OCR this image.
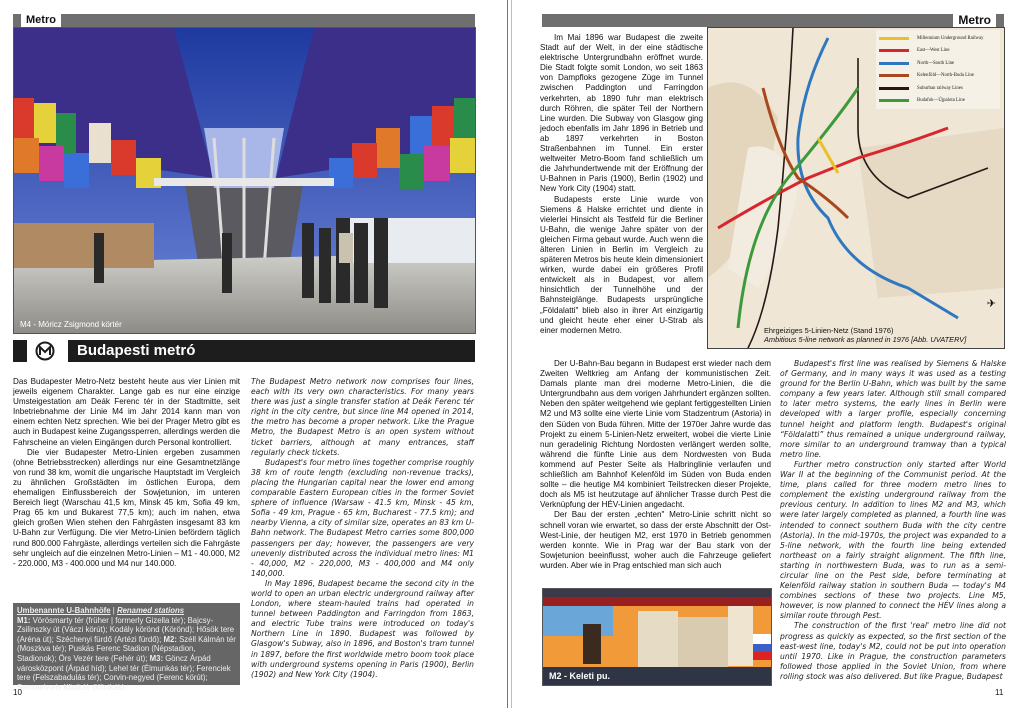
Metro
M4 - Móricz Zsigmond körtér
Budapesti metró

Das Budapester Metro-Netz besteht heute aus vier Linien mit jeweils eigenem Charakter. Lange gab es nur eine einzige Umsteigestation am Deák Ferenc tér in der Stadtmitte, seit Inbetriebnahme der Linie M4 im Jahr 2014 kann man von einem echten Netz sprechen. Wie bei der Prager Metro gibt es auch in Budapest keine Zugangssperren, allerdings werden die Fahrscheine an vielen Eingängen durch Personal kontrolliert.

Die vier Budapester Metro-Linien ergeben zusammen (ohne Betriebsstrecken) allerdings nur eine Gesamtnetzlänge von rund 38 km, womit die ungarische Hauptstadt im Vergleich zu ähnlichen Großstädten im östlichen Europa, dem ehemaligen Einflussbereich der Sowjetunion, im unteren Bereich liegt (Warschau 41,5 km, Minsk 45 km, Sofia 49 km, Prag 65 km und Bukarest 77,5 km); auch im nahen, etwa gleich großen Wien stehen den Fahrgästen insgesamt 83 km U-Bahn zur Verfügung. Die vier Metro-Linien befördern täglich rund 800.000 Fahrgäste, allerdings verteilen sich die Fahrgäste sehr ungleich auf die einzelnen Metro-Linien – M1 - 40.000, M2 - 220.000, M3 - 400.000 und M4 nur 140.000.

The Budapest Metro network now comprises four lines, each with its very own characteristics. For many years there was just a single transfer station at Deák Ferenc tér right in the city centre, but since line M4 opened in 2014, the metro has become a proper network. Like the Prague Metro, the Budapest Metro is an open system without ticket barriers, although at many entrances, staff regularly check tickets.

Budapest's four metro lines together comprise roughly 38 km of route length (excluding non-revenue tracks), placing the Hungarian capital near the lower end among comparable Eastern European cities in the former Soviet sphere of influence (Warsaw - 41.5 km, Minsk - 45 km, Sofia - 49 km, Prague - 65 km, Bucharest - 77.5 km); and nearby Vienna, a city of similar size, operates an 83 km U-Bahn network. The Budapest Metro carries some 800,000 passengers per day; however, the passengers are very unevenly distributed across the individual metro lines: M1 - 40,000, M2 - 220,000, M3 - 400,000 and M4 only 140,000.

In May 1896, Budapest became the second city in the world to open an urban electric underground railway after London, where steam-hauled trains had operated in tunnel between Paddington and Farringdon from 1863, and electric Tube trains were introduced on today's Northern Line in 1890. Budapest was followed by Glasgow's Subway, also in 1896, and Boston's tram tunnel in 1897, before the first worldwide metro boom took place with underground systems opening in Paris (1900), Berlin (1902) and New York City (1904).

Umbenannte U-Bahnhöfe | Renamed stations
M1: Vörösmarty tér (früher | formerly Gizella tér); Bajcsy-Zsilinszky út (Váczi körút); Kodály körönd (Körönd); Hősök tere (Aréna út); Széchenyi fürdő (Artézi fürdő); M2: Széll Kálmán tér (Moszkva tér); Puskás Ferenc Stadion (Népstadion, Stadionok); Örs Vezér tere (Fehér út); M3: Göncz Árpád városközpont (Árpád híd); Lehel tér (Élmunkás tér); Ferenciek tere (Felszabadulás tér); Corvin-negyed (Ferenc körút); Semmelweis Klinikák (Klinikák)
10
Metro

Im Mai 1896 war Budapest die zweite Stadt auf der Welt, in der eine städtische elektrische Untergrundbahn eröffnet wurde. Die Stadt folgte somit London, wo seit 1863 von Dampfloks gezogene Züge im Tunnel zwischen Paddington und Farringdon verkehrten, ab 1890 fuhr man elektrisch durch Röhren, die später Teil der Northern Line wurden. Die Subway von Glasgow ging jedoch ebenfalls im Jahr 1896 in Betrieb und ab 1897 verkehrten in Boston Straßenbahnen im Tunnel. Ein erster weltweiter Metro-Boom fand schließlich um die Jahrhundertwende mit der Eröffnung der U-Bahnen in Paris (1900), Berlin (1902) und New York City (1904) statt.

Budapests erste Linie wurde von Siemens & Halske errichtet und diente in vielerlei Hinsicht als Testfeld für die Berliner U-Bahn, die wenige Jahre später von der gleichen Firma gebaut wurde. Auch wenn die älteren Linien in Berlin im Vergleich zu späteren Metros bis heute klein dimensioniert wirken, wurde dabei ein größeres Profil entwickelt als in Budapest, vor allem hinsichtlich der Tunnelhöhe und der Bahnsteiglänge. Budapests ursprüngliche „Földalatti" blieb also in ihrer Art einzigartig und gleicht heute eher einer U-Strab als einer modernen Metro.

Der U-Bahn-Bau begann in Budapest erst wieder nach dem Zweiten Weltkrieg am Anfang der kommunistischen Zeit. Damals plante man drei moderne Metro-Linien, die die Untergrundbahn aus dem vorigen Jahrhundert ergänzen sollten. Neben den später weitgehend wie geplant fertiggestellten Linien M2 und M3 sollte eine vierte Linie vom Stadzentrum (Astoria) in den Süden von Buda führen. Mitte der 1970er Jahre wurde das Projekt zu einem 5-Linien-Netz erweitert, wobei die vierte Linie nun geradelinig Richtung Nordosten verlängert werden sollte, während die fünfte Linie aus dem Nordwesten von Buda kommend auf Pester Seite als Halbringlinie verlaufen und schließlich am Bahnhof Kelenföld im Süden von Buda enden sollte – die heutige M4 kombiniert Teilstrecken dieser Projekte, doch als M5 ist heutzutage auf ähnlicher Trasse durch Pest die Verknüpfung der HÉV-Linien angedacht.

Der Bau der ersten „echten" Metro-Linie schritt nicht so schnell voran wie erwartet, so dass der erste Abschnitt der Ost-West-Linie, der heutigen M2, erst 1970 in Betrieb genommen werden konnte. Wie in Prag war der Bau stark von der Sowjetunion beeinflusst, woher auch die Fahrzeuge geliefert wurden. Aber wie in Prag entschied man sich auch

Budapest's first line was realised by Siemens & Halske of Germany, and in many ways it was used as a testing ground for the Berlin U-Bahn, which was built by the same company a few years later. Although still small compared to later metro systems, the early lines in Berlin were developed with a larger profile, especially concerning tunnel height and platform length. Budapest's original “Földalatti” thus remained a unique underground railway, more similar to an underground tramway than a typical metro line.

Further metro construction only started after World War II at the beginning of the Communist period. At the time, plans called for three modern metro lines to complement the existing underground railway from the previous century. In addition to lines M2 and M3, which were later largely completed as planned, a fourth line was intended to connect southern Buda with the city centre (Astoria). In the mid-1970s, the project was expanded to a 5-line network, with the fourth line being extended northeast on a fairly straight alignment. The fifth line, starting in northwestern Buda, was to run as a semi-circular line on the Pest side, before terminating at Kelenföld railway station in southern Buda — today's M4 combines sections of these two projects. Line M5, however, is now planned to connect the HÉV lines along a similar route through Pest.

The construction of the first 'real' metro line did not progress as quickly as expected, so the first section of the east-west line, today's M2, could not be put into operation until 1970. Like in Prague, the construction parameters followed those applied in the Soviet Union, from where rolling stock was also delivered. But like Prague, Budapest

M2 - Keleti pu.
11
Millennium Underground Railway
East—West Line
North—South Line
Kelenföld—North-Buda Line
Suburban railway Lines
Budafok—Újpalota Line
✈
Ehrgeiziges 5-Linien-Netz (Stand 1976)
Ambitious 5-line network as planned in 1976 [Abb. UVATERV]
